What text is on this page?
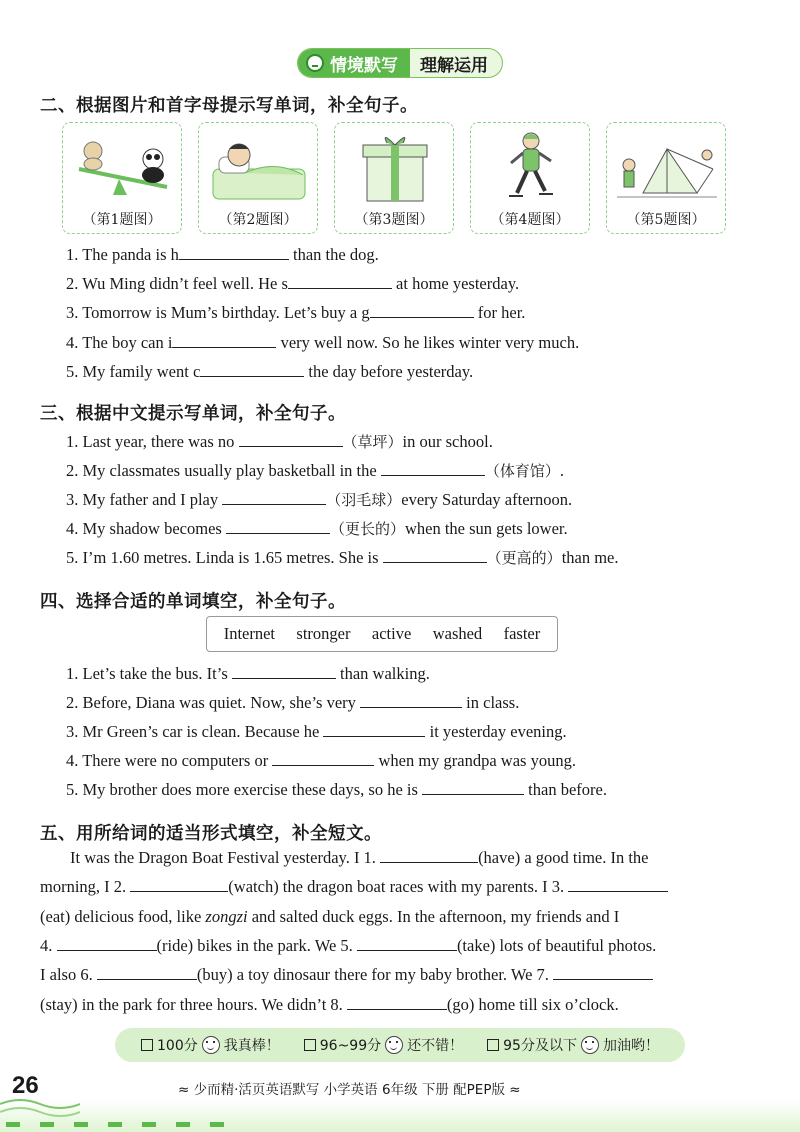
情境默写	理解运用
二、根据图片和首字母提示写单词，补全句子。
（第1题图）	（第2题图）	（第3题图）	（第4题图）	（第5题图）
1. The panda is h	than the dog.
2. Wu Ming didn’t feel well. He s	at home yesterday.
3. Tomorrow is Mum’s birthday. Let’s buy a g	for her.
4. The boy can i	very well now. So he likes winter very much.
5. My family went c	the day before yesterday.
三、根据中文提示写单词，补全句子。
1. Last year, there was no	（草坪）in our school.
2. My classmates usually play basketball in the	（体育馆）.
3. My father and I play	（羽毛球）every Saturday afternoon.
4. My shadow becomes	（更长的）when the sun gets lower.
5. I’m 1.60 metres. Linda is 1.65 metres. She is	（更高的）than me.
四、选择合适的单词填空，补全句子。
Internet stronger active washed faster
1. Let’s take the bus. It’s	than walking.
2. Before, Diana was quiet. Now, she’s very	in class.
3. Mr Green’s car is clean. Because he	it yesterday evening.
4. There were no computers or	when my grandpa was young.
5. My brother does more exercise these days, so he is	than before.
五、用所给词的适当形式填空，补全短文。
It was the Dragon Boat Festival yesterday. I 1.	(have) a good time. In the
morning, I 2.	(watch) the dragon boat races with my parents. I 3.
(eat) delicious food, like zongzi and salted duck eggs. In the afternoon, my friends and I
4.	(ride) bikes in the park. We 5.	(take) lots of beautiful photos.
I also 6.	(buy) a toy dinosaur there for my baby brother. We 7.
(stay) in the park for three hours. We didn’t 8.	(go) home till six o’clock.
100分 我真棒！	96~99分 还不错！	95分及以下 加油哟！
26	≈ 少而精·活页英语默写 小学英语 6年级 下册 配PEP版 ≈
